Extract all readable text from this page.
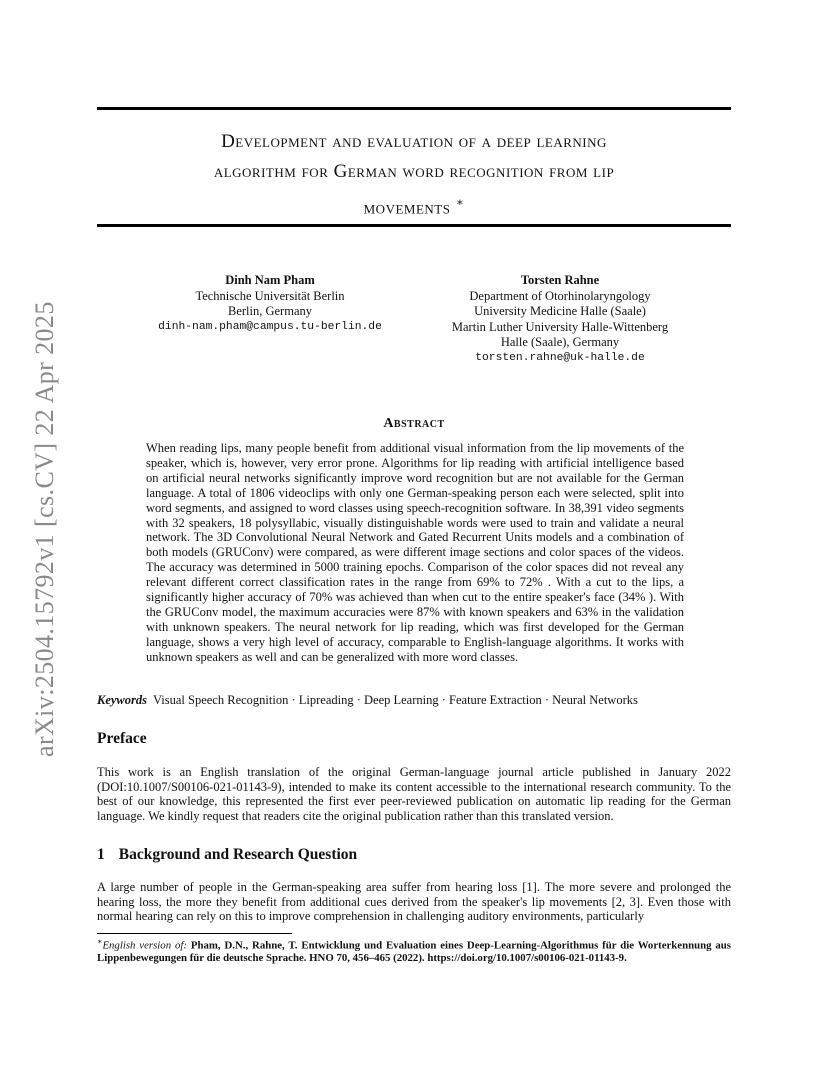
arXiv:2504.15792v1 [cs.CV] 22 Apr 2025
Development and evaluation of a deep learning
algorithm for German word recognition from lip
movements ∗
Dinh Nam Pham
Technische Universität Berlin
Berlin, Germany
dinh-nam.pham@campus.tu-berlin.de
Torsten Rahne
Department of Otorhinolaryngology
University Medicine Halle (Saale)
Martin Luther University Halle-Wittenberg
Halle (Saale), Germany
torsten.rahne@uk-halle.de
Abstract
When reading lips, many people benefit from additional visual information from the lip movements of the speaker, which is, however, very error prone. Algorithms for lip reading with artificial intelligence based on artificial neural networks significantly improve word recognition but are not available for the German language. A total of 1806 videoclips with only one German-speaking person each were selected, split into word segments, and assigned to word classes using speech-recognition software. In 38,391 video segments with 32 speakers, 18 polysyllabic, visually distinguishable words were used to train and validate a neural network. The 3D Convolutional Neural Network and Gated Recurrent Units models and a combination of both models (GRUConv) were compared, as were different image sections and color spaces of the videos. The accuracy was determined in 5000 training epochs. Comparison of the color spaces did not reveal any relevant different correct classification rates in the range from 69% to 72% . With a cut to the lips, a significantly higher accuracy of 70% was achieved than when cut to the entire speaker's face (34% ). With the GRUConv model, the maximum accuracies were 87% with known speakers and 63% in the validation with unknown speakers. The neural network for lip reading, which was first developed for the German language, shows a very high level of accuracy, comparable to English-language algorithms. It works with unknown speakers as well and can be generalized with more word classes.
Keywords Visual Speech Recognition · Lipreading · Deep Learning · Feature Extraction · Neural Networks
Preface
This work is an English translation of the original German-language journal article published in January 2022 (DOI:10.1007/S00106-021-01143-9), intended to make its content accessible to the international research community. To the best of our knowledge, this represented the first ever peer-reviewed publication on automatic lip reading for the German language. We kindly request that readers cite the original publication rather than this translated version.
1 Background and Research Question
A large number of people in the German-speaking area suffer from hearing loss [1]. The more severe and prolonged the hearing loss, the more they benefit from additional cues derived from the speaker's lip movements [2, 3]. Even those with normal hearing can rely on this to improve comprehension in challenging auditory environments, particularly
∗English version of: Pham, D.N., Rahne, T. Entwicklung und Evaluation eines Deep-Learning-Algorithmus für die Worterkennung aus Lippenbewegungen für die deutsche Sprache. HNO 70, 456–465 (2022). https://doi.org/10.1007/s00106-021-01143-9.
